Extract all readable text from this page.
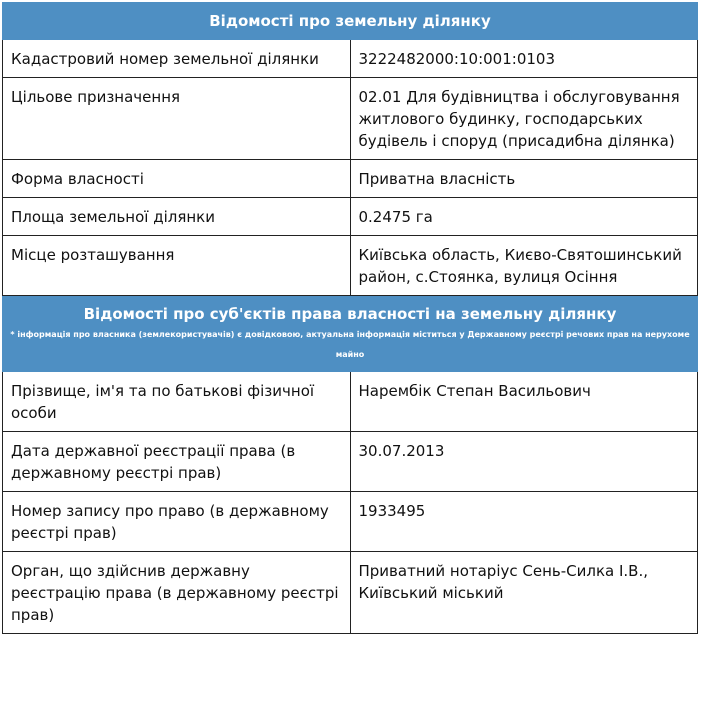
Відомості про земельну ділянку	
Кадастровий номер земельної ділянки	3222482000:10:001:0103
Цільове призначення	02.01 Для будівництва і обслуговування житлового будинку, господарських будівель і споруд (присадибна ділянка)
Форма власності	Приватна власність
Площа земельної ділянки	0.2475 га
Місце розташування	Київська область, Києво-Святошинський район, с.Стоянка, вулиця Осіння

Відомості про суб'єктів права власності на земельну ділянку
* інформація про власника (землекористувачів) є довідковою, актуальна інформація міститься у Державному реєстрі речових прав на нерухоме майно	

Прізвище, ім'я та по батькові фізичної особи	Нарембік Степан Васильович
Дата державної реєстрації права (в державному реєстрі прав)	30.07.2013
Номер запису про право (в державному реєстрі прав)	1933495
Орган, що здійснив державну реєстрацію права (в державному реєстрі прав)	Приватний нотаріус Сень-Силка І.В., Київський міський
